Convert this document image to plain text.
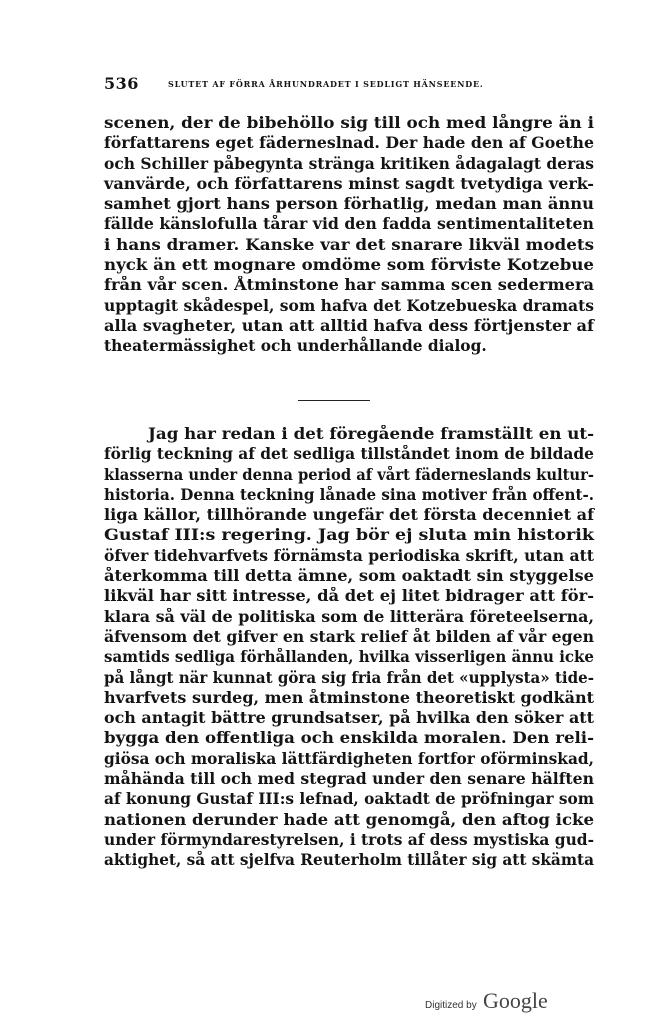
536	SLUTET AF FÖRRA ÅRHUNDRADET I SEDLIGT HÄNSEENDE.
scenen, der de bibehöllo sig till och med långre än i
författarens eget fäderneslnad. Der hade den af Goethe
och Schiller påbegynta stränga kritiken ådagalagt deras
vanvärde, och författarens minst sagdt tvetydiga verk-
samhet gjort hans person förhatlig, medan man ännu
fällde känslofulla tårar vid den fadda sentimentaliteten
i hans dramer. Kanske var det snarare likväl modets
nyck än ett mognare omdöme som förviste Kotzebue
från vår scen. Åtminstone har samma scen sedermera
upptagit skådespel, som hafva det Kotzebueska dramats
alla svagheter, utan att alltid hafva dess förtjenster af
theatermässighet och underhållande dialog.
Jag har redan i det föregående framställt en ut-
förlig teckning af det sedliga tillståndet inom de bildade
klasserna under denna period af vårt fäderneslands kultur-
historia. Denna teckning lånade sina motiver från offent-.
liga källor, tillhörande ungefär det första decenniet af
Gustaf III:s regering. Jag bör ej sluta min historik
öfver tidehvarfvets förnämsta periodiska skrift, utan att
återkomma till detta ämne, som oaktadt sin styggelse
likväl har sitt intresse, då det ej litet bidrager att för-
klara så väl de politiska som de litterära företeelserna,
äfvensom det gifver en stark relief åt bilden af vår egen
samtids sedliga förhållanden, hvilka visserligen ännu icke
på långt när kunnat göra sig fria från det «upplysta» tide-
hvarfvets surdeg, men åtminstone theoretiskt godkänt
och antagit bättre grundsatser, på hvilka den söker att
bygga den offentliga och enskilda moralen. Den reli-
giösa och moraliska lättfärdigheten fortfor oförminskad,
måhända till och med stegrad under den senare hälften
af konung Gustaf III:s lefnad, oaktadt de pröfningar som
nationen derunder hade att genomgå, den aftog icke
under förmyndarestyrelsen, i trots af dess mystiska gud-
aktighet, så att sjelfva Reuterholm tillåter sig att skämta
Digitized by Google
